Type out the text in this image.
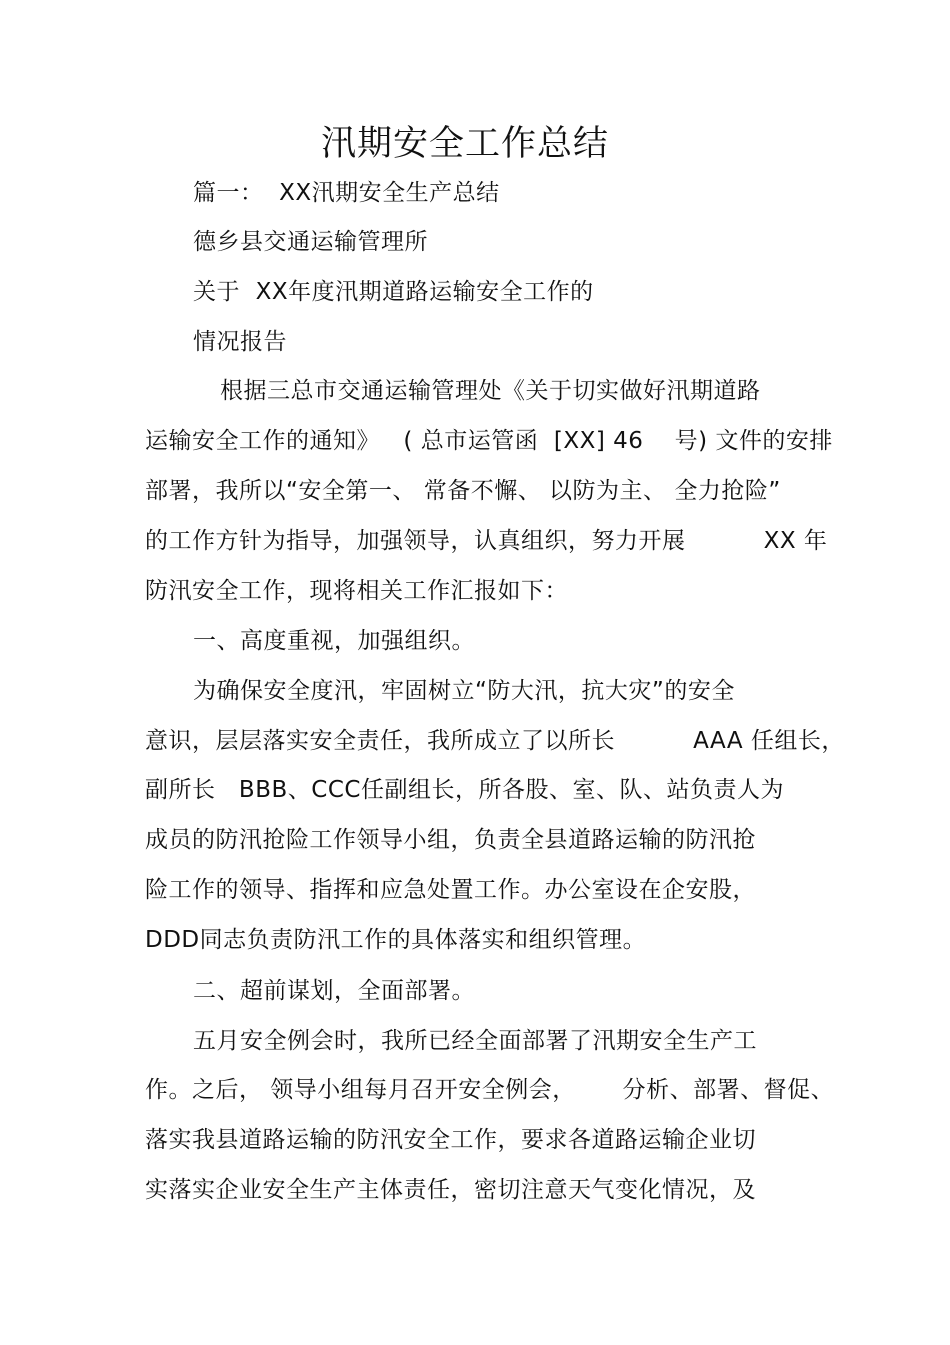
汛期安全工作总结

篇一：  XX汛期安全生产总结

德乡县交通运输管理所

关于  XX年度汛期道路运输安全工作的

情况报告

根据三总市交通运输管理处《关于切实做好汛期道路

运输安全工作的通知》   ( 总市运管函  [XX] 46    号) 文件的安排

部署，我所以“安全第一、 常备不懈、 以防为主、 全力抢险”

的工作方针为指导，加强领导，认真组织，努力开展          XX 年

防汛安全工作，现将相关工作汇报如下：

一、高度重视，加强组织。

为确保安全度汛，牢固树立“防大汛，抗大灾”的安全

意识，层层落实安全责任，我所成立了以所长          AAA 任组长，

副所长   BBB、CCC任副组长，所各股、室、队、站负责人为

成员的防汛抢险工作领导小组，负责全县道路运输的防汛抢

险工作的领导、指挥和应急处置工作。办公室设在企安股，

DDD同志负责防汛工作的具体落实和组织管理。

二、超前谋划，全面部署。

五月安全例会时，我所已经全面部署了汛期安全生产工

作。之后， 领导小组每月召开安全例会，      分析、部署、督促、

落实我县道路运输的防汛安全工作，要求各道路运输企业切

实落实企业安全生产主体责任，密切注意天气变化情况，及
